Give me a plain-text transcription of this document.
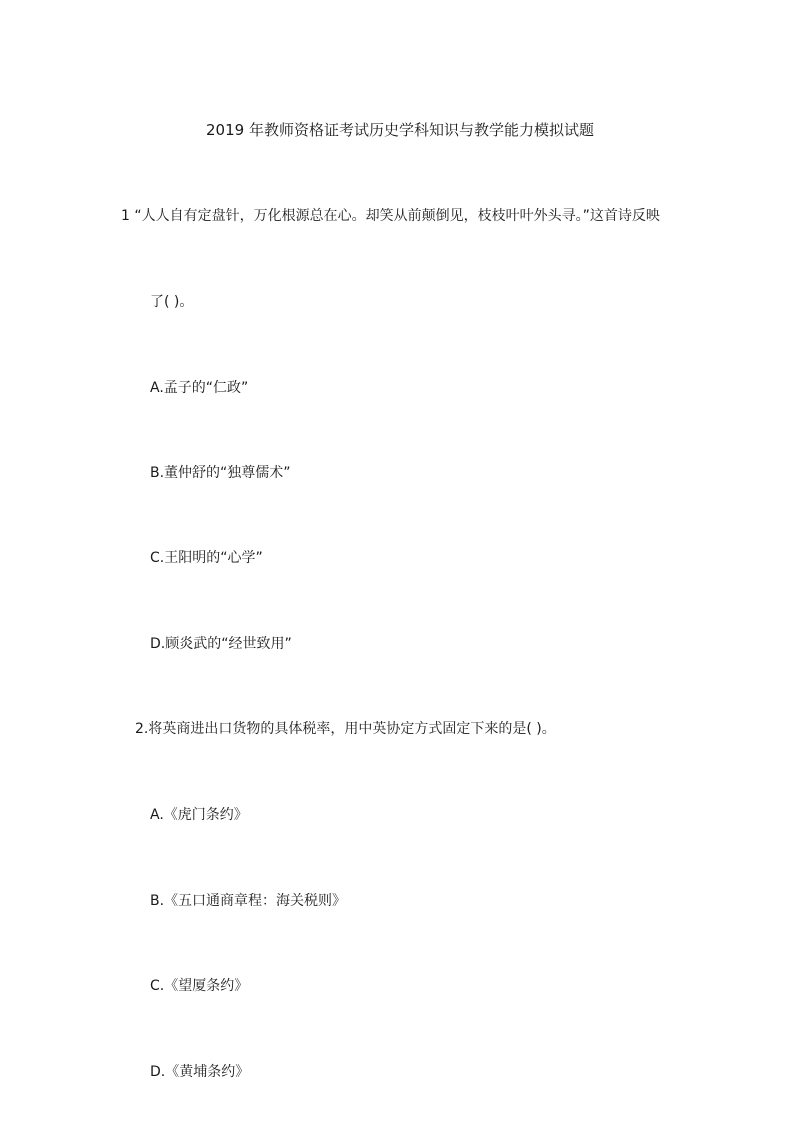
2019 年教师资格证考试历史学科知识与教学能力模拟试题
1 “人人自有定盘针，万化根源总在心。却笑从前颠倒见，枝枝叶叶外头寻。”这首诗反映
了( )。
A.孟子的“仁政”
B.董仲舒的“独尊儒术”
C.王阳明的“心学”
D.顾炎武的“经世致用”
2.将英商进出口货物的具体税率，用中英协定方式固定下来的是( )。
A.《虎门条约》
B.《五口通商章程：海关税则》
C.《望厦条约》
D.《黄埔条约》
